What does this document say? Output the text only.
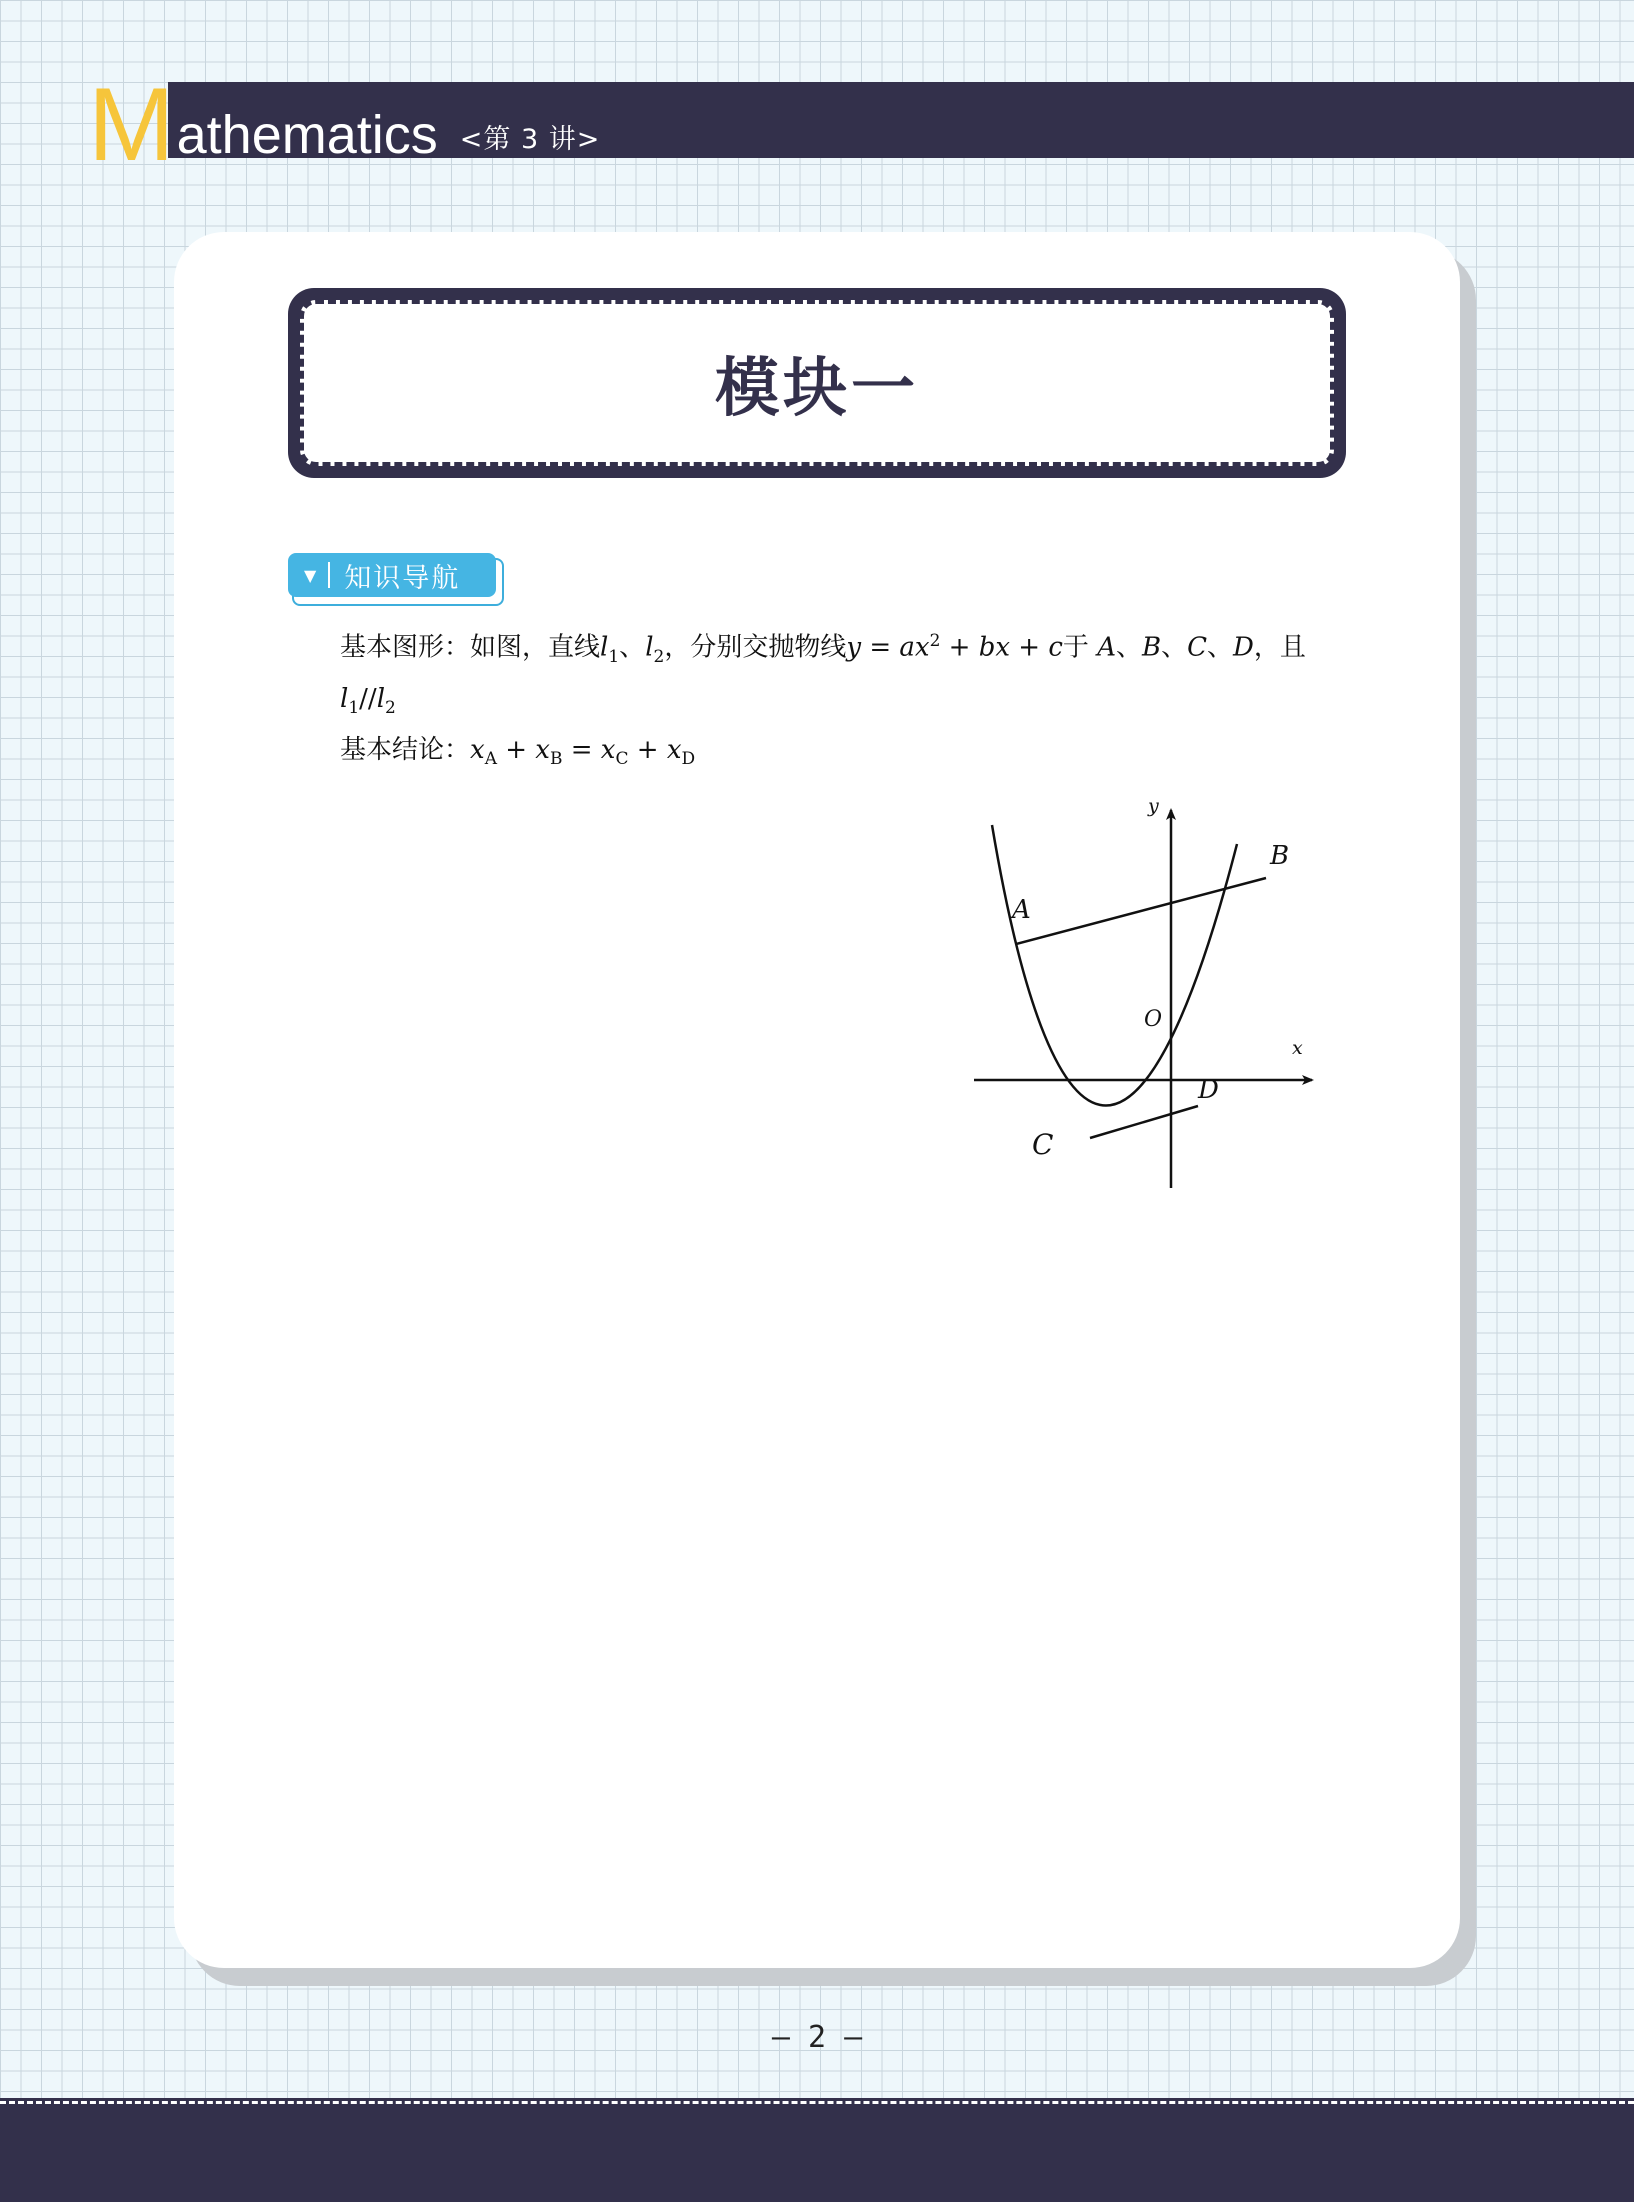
M athematics <第 3 讲>
模块一
▼ 知识导航
基本图形：如图，直线$l_1$、$l_2$，分别交抛物线$y = ax^2$ + bx + c于 A、B、C、D，且
$l_1//l_2$
基本结论：$x_A + x_B = x_C + x_D$
y
x
O
A
B
C
D
– 2 –
